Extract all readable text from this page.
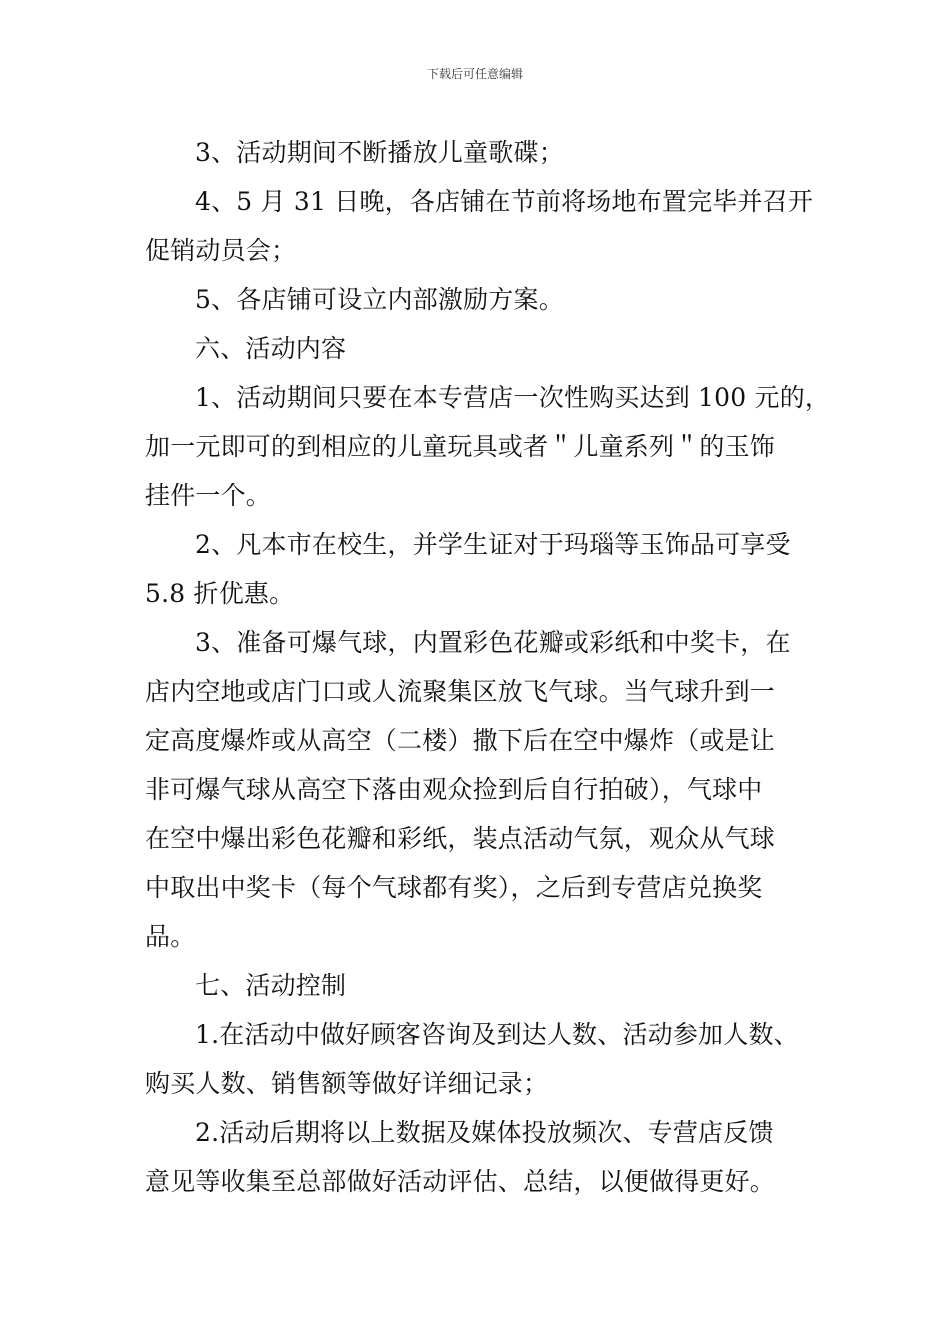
下载后可任意编辑

3、活动期间不断播放儿童歌碟；

4、5 月 31 日晚，各店铺在节前将场地布置完毕并召开

促销动员会；

5、各店铺可设立内部激励方案。

六、活动内容

1、活动期间只要在本专营店一次性购买达到 100 元的，

加一元即可的到相应的儿童玩具或者＂儿童系列＂的玉饰

挂件一个。

2、凡本市在校生，并学生证对于玛瑙等玉饰品可享受

5.8 折优惠。

3、准备可爆气球，内置彩色花瓣或彩纸和中奖卡，在

店内空地或店门口或人流聚集区放飞气球。当气球升到一

定高度爆炸或从高空（二楼）撒下后在空中爆炸（或是让

非可爆气球从高空下落由观众捡到后自行拍破），气球中

在空中爆出彩色花瓣和彩纸，装点活动气氛，观众从气球

中取出中奖卡（每个气球都有奖），之后到专营店兑换奖

品。

七、活动控制

1.在活动中做好顾客咨询及到达人数、活动参加人数、

购买人数、销售额等做好详细记录；

2.活动后期将以上数据及媒体投放频次、专营店反馈

意见等收集至总部做好活动评估、总结，以便做得更好。
